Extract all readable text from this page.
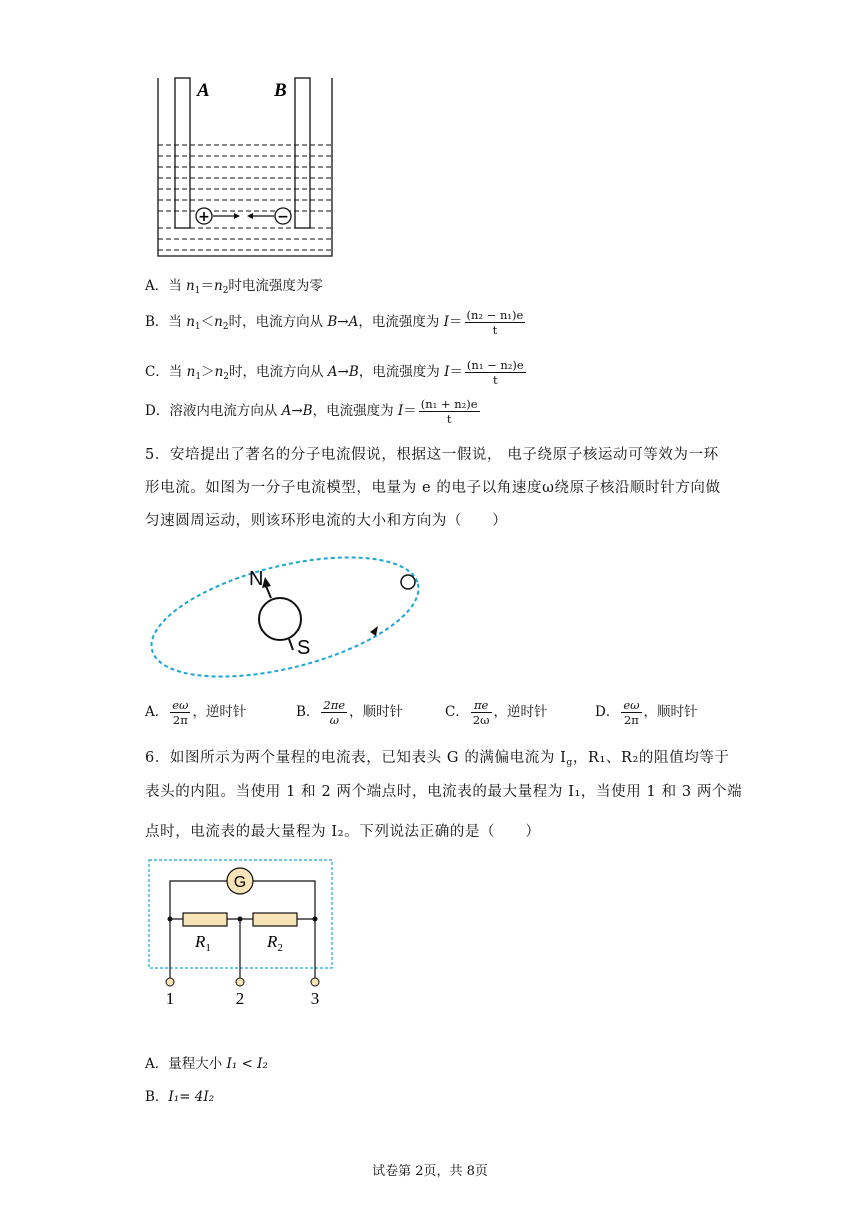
+	−
A	B
A．当 $n_1=n_2$时电流强度为零
B．当 $n_1<n_2$时，电流方向从 B→A，电流强度为 $I= \frac{\text{(n₂ − n₁)e}}{t}$
C．当 $n_1>n_2$时，电流方向从 A→B，电流强度为 $I= \frac{\text{(n₁ − n₂)e}}{t}$
D．溶液内电流方向从 A→B，电流强度为 $I= \frac{\text{(n₁ + n₂)e}}{t}$
5．安培提出了著名的分子电流假说，根据这一假说， 电子绕原子核运动可等效为一环
形电流。如图为一分子电流模型，电量为 e 的电子以角速度ω绕原子核沿顺时针方向做
匀速圆周运动，则该环形电流的大小和方向为（　　）
N
S
A． $\frac{e\omega}{2\pi}$ ，逆时针	B． $\frac{2\pi e}{\omega}$ ，顺时针	C． $\frac{\pi e}{2\omega}$ ，逆时针	D． $\frac{e\omega}{2\pi}$ ，顺时针
6．如图所示为两个量程的电流表，已知表头 G 的满偏电流为 $I_g$，R₁、R₂的阻值均等于
表头的内阻。当使用 1 和 2 两个端点时，电流表的最大量程为 I₁，当使用 1 和 3 两个端
点时，电流表的最大量程为 I₂。下列说法正确的是（　　）
G
$R_1$	$R_2$
1	2	3
A．量程大小 I₁ < I₂
B．I₁= 4I₂
试卷第 2页，共 8页
